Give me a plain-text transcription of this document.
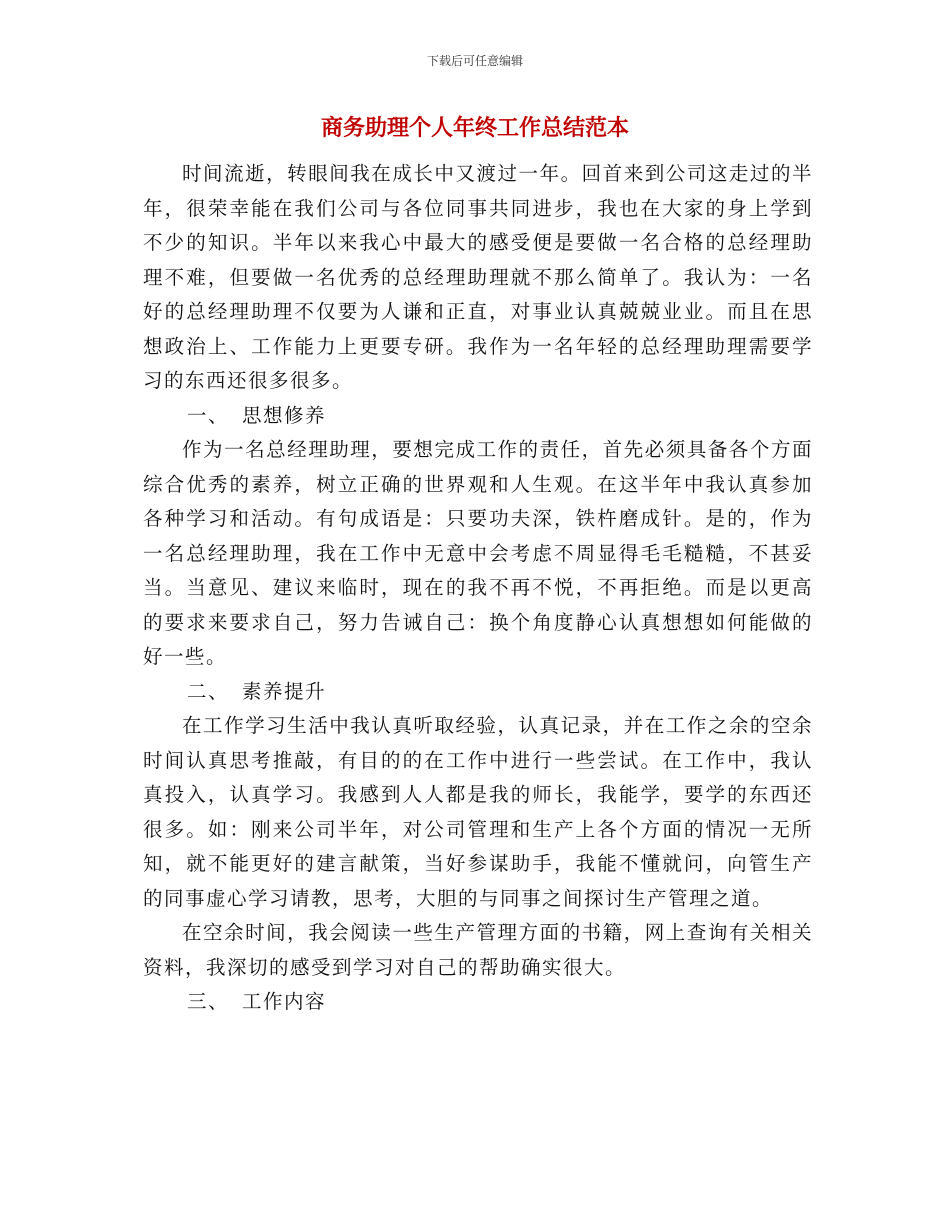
下载后可任意编辑
商务助理个人年终工作总结范本

时间流逝，转眼间我在成长中又渡过一年。回首来到公司这走过的半年，很荣幸能在我们公司与各位同事共同进步，我也在大家的身上学到不少的知识。半年以来我心中最大的感受便是要做一名合格的总经理助理不难，但要做一名优秀的总经理助理就不那么简单了。我认为：一名好的总经理助理不仅要为人谦和正直，对事业认真兢兢业业。而且在思想政治上、工作能力上更要专研。我作为一名年轻的总经理助理需要学习的东西还很多很多。

一、 思想修养

作为一名总经理助理，要想完成工作的责任，首先必须具备各个方面综合优秀的素养，树立正确的世界观和人生观。在这半年中我认真参加各种学习和活动。有句成语是：只要功夫深，铁杵磨成针。是的，作为一名总经理助理，我在工作中无意中会考虑不周显得毛毛糙糙，不甚妥当。当意见、建议来临时，现在的我不再不悦，不再拒绝。而是以更高的要求来要求自己，努力告诫自己：换个角度静心认真想想如何能做的好一些。

二、 素养提升

在工作学习生活中我认真听取经验，认真记录，并在工作之余的空余时间认真思考推敲，有目的的在工作中进行一些尝试。在工作中，我认真投入，认真学习。我感到人人都是我的师长，我能学，要学的东西还很多。如：刚来公司半年，对公司管理和生产上各个方面的情况一无所知，就不能更好的建言献策，当好参谋助手，我能不懂就问，向管生产的同事虚心学习请教，思考，大胆的与同事之间探讨生产管理之道。

在空余时间，我会阅读一些生产管理方面的书籍，网上查询有关相关资料，我深切的感受到学习对自己的帮助确实很大。

三、 工作内容
